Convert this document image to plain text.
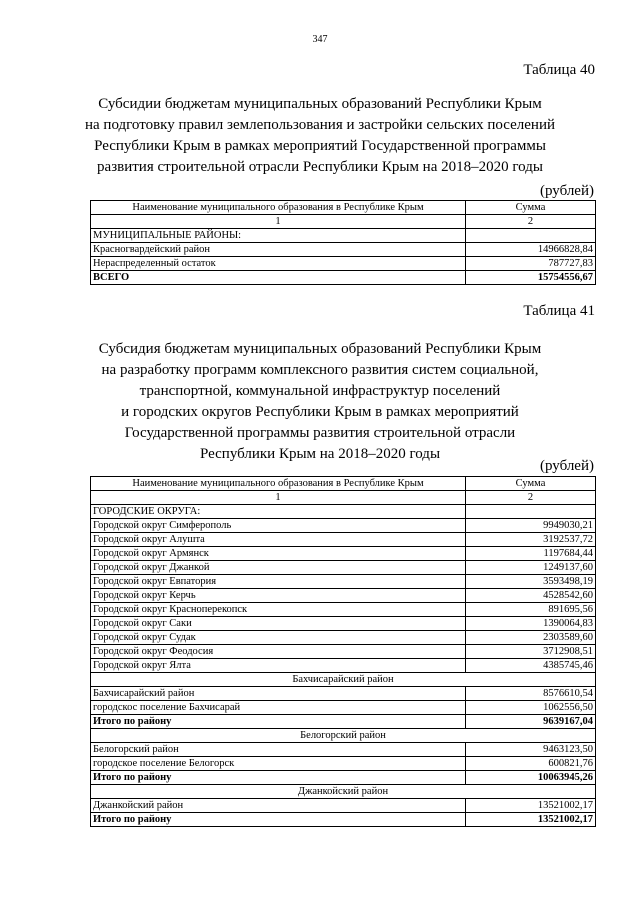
347
Таблица 40
Субсидии бюджетам муниципальных образований Республики Крым
на подготовку правил землепользования и застройки сельских поселений
Республики Крым в рамках мероприятий Государственной программы
развития строительной отрасли Республики Крым на 2018–2020 годы
(рублей)
Наименование муниципального образования в Республике Крым	Сумма
1	2
МУНИЦИПАЛЬНЫЕ РАЙОНЫ:	
Красногвардейский район	14966828,84
Нераспределенный остаток	787727,83
ВСЕГО	15754556,67
Таблица 41
Субсидия бюджетам муниципальных образований Республики Крым
на разработку программ комплексного развития систем социальной,
транспортной, коммунальной инфраструктур поселений
и городских округов Республики Крым в рамках мероприятий
Государственной программы развития строительной отрасли
Республики Крым на 2018–2020 годы
(рублей)
Наименование муниципального образования в Республике Крым	Сумма
1	2
ГОРОДСКИЕ ОКРУГА:	
Городской округ Симферополь	9949030,21
Городской округ Алушта	3192537,72
Городской округ Армянск	1197684,44
Городской округ Джанкой	1249137,60
Городской округ Евпатория	3593498,19
Городской округ Керчь	4528542,60
Городской округ Красноперекопск	891695,56
Городской округ Саки	1390064,83
Городской округ Судак	2303589,60
Городской округ Феодосия	3712908,51
Городской округ Ялта	4385745,46
Бахчисарайский район	
Бахчисарайский район	8576610,54
городскос поселение Бахчисарай	1062556,50
Итого по району	9639167,04
Белогорский район	
Белогорский район	9463123,50
городское поселение Белогорск	600821,76
Итого по району	10063945,26
Джанкойский район	
Джанкойский район	13521002,17
Итого по району	13521002,17
